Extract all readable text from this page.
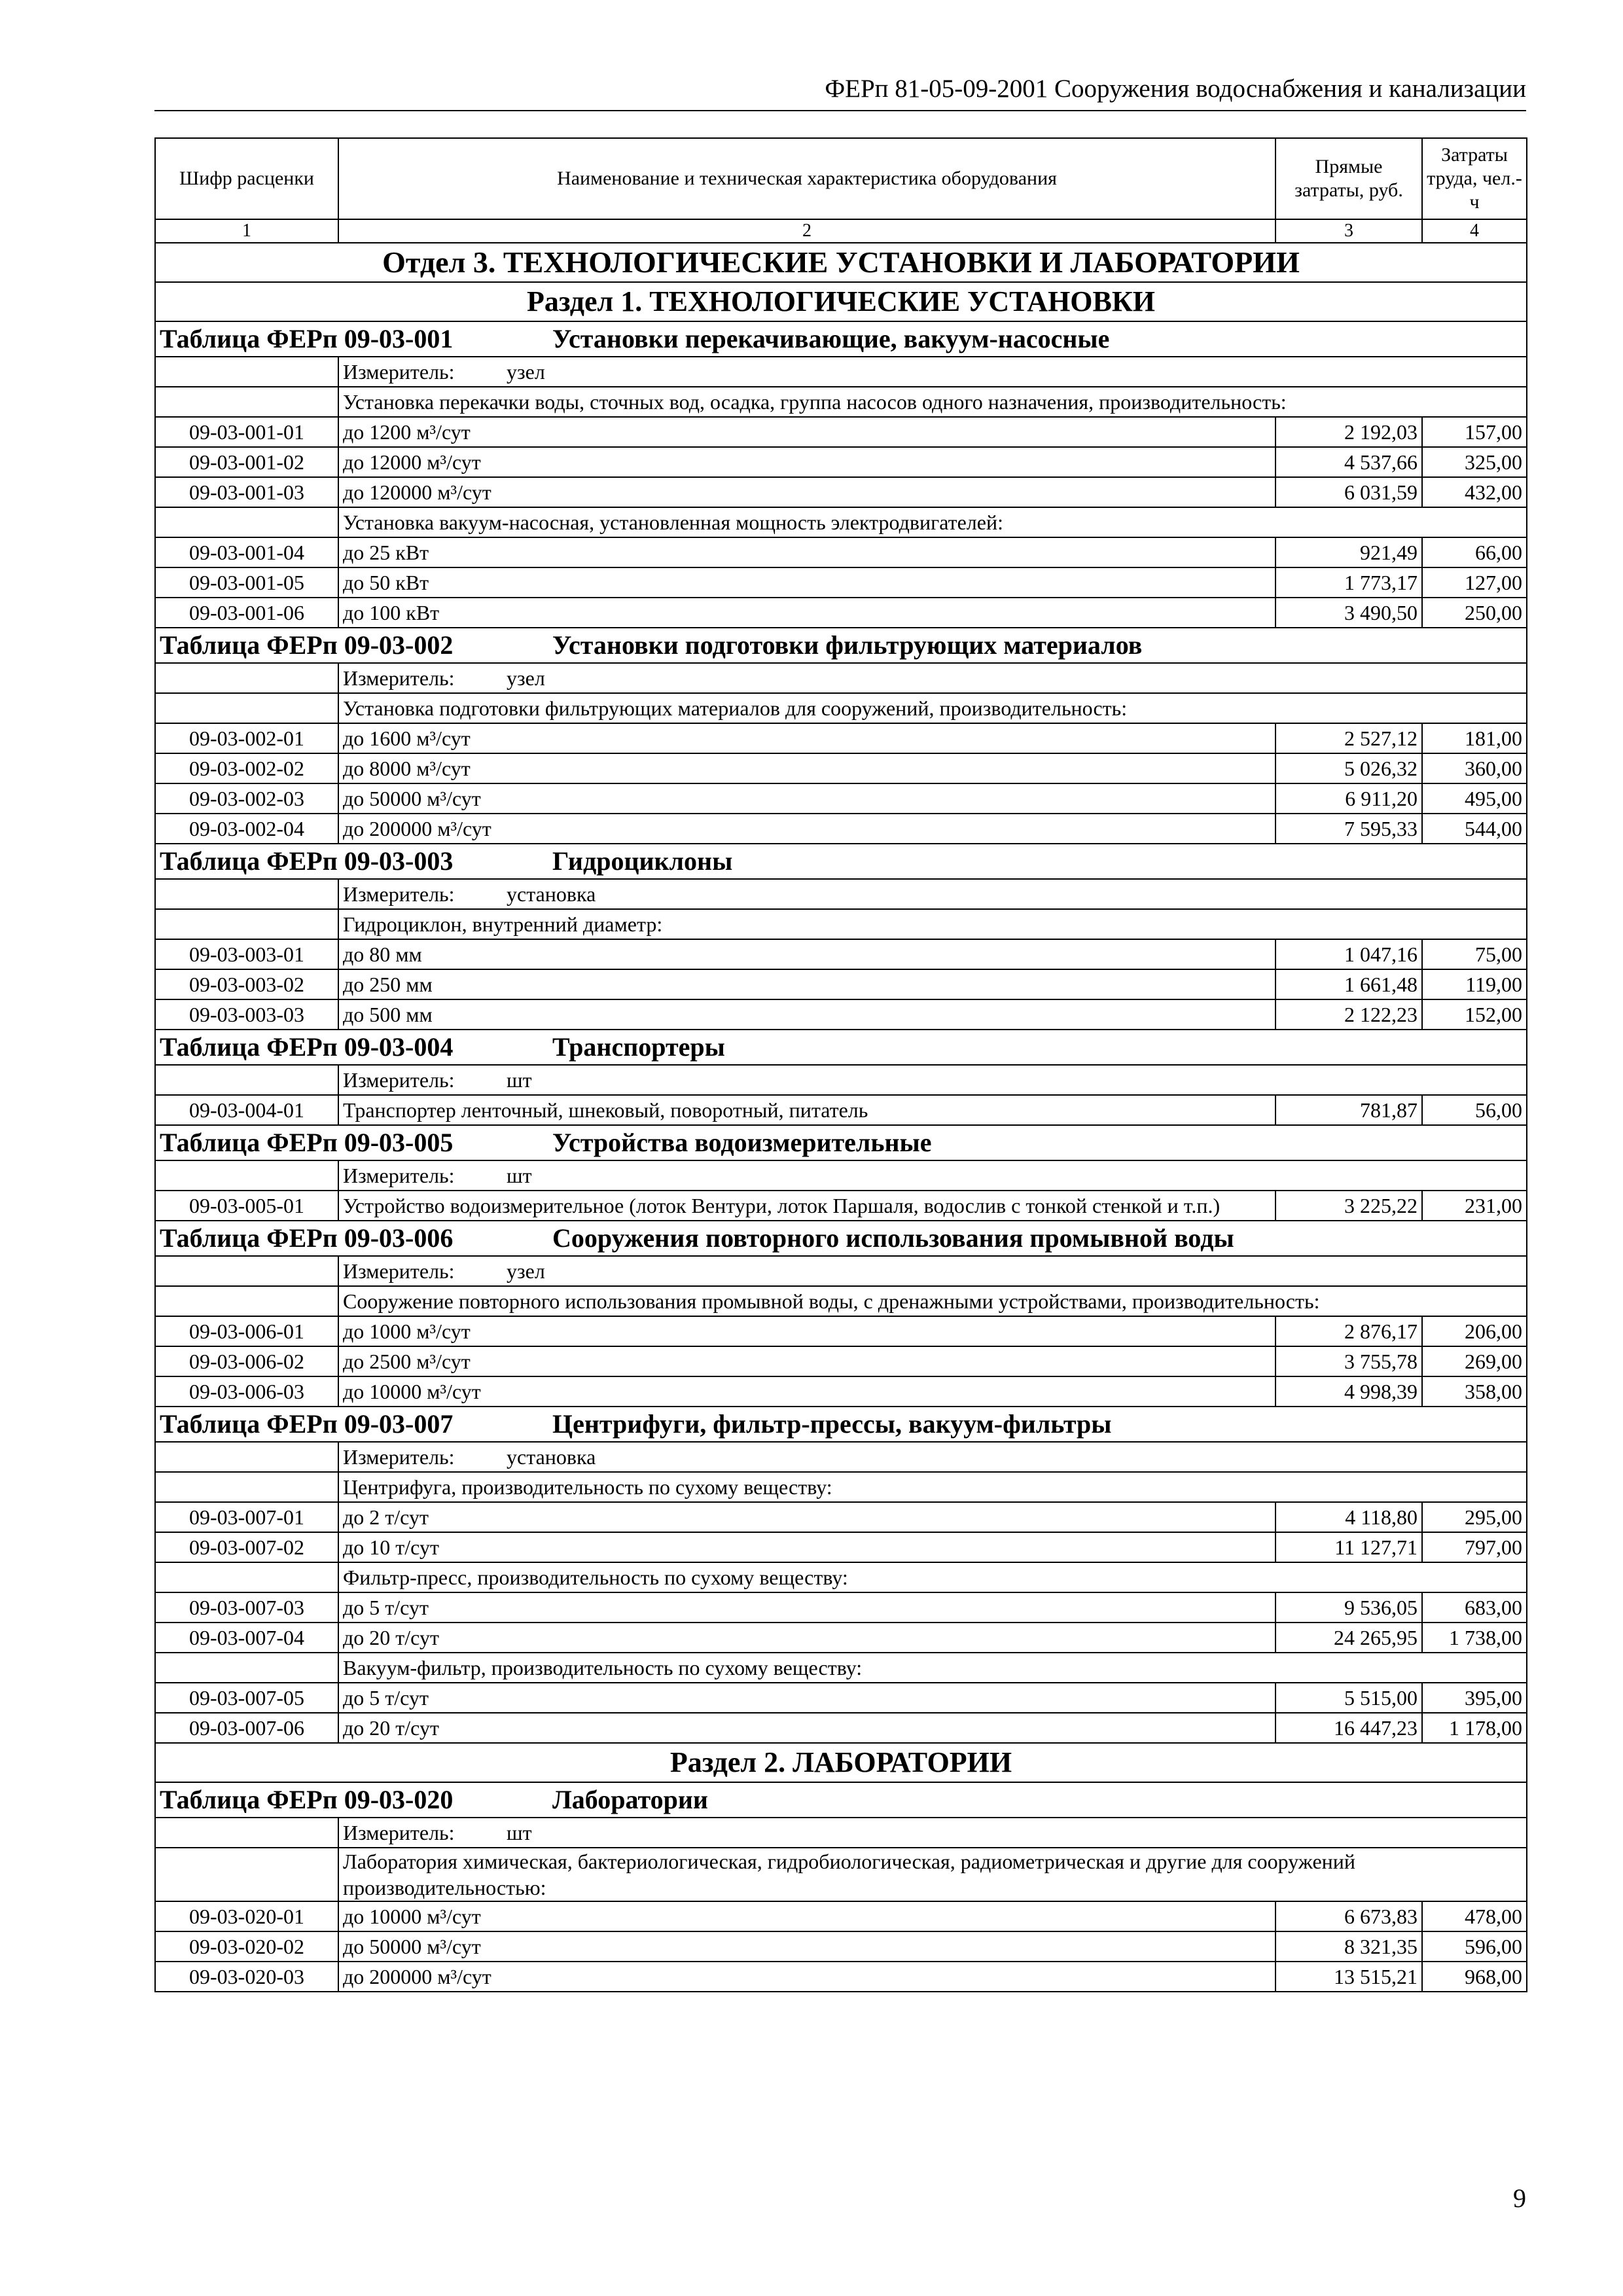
ФЕРп 81-05-09-2001 Сооружения водоснабжения и канализации
Шифр расценки	Наименование и техническая характеристика оборудования	Прямые затраты, руб.	Затраты труда, чел.-ч
1	2	3	4
Отдел 3. ТЕХНОЛОГИЧЕСКИЕ УСТАНОВКИ И ЛАБОРАТОРИИ			
Раздел 1. ТЕХНОЛОГИЧЕСКИЕ УСТАНОВКИ			
Таблица ФЕРп 09-03-001 Установки перекачивающие, вакуум-насосные			
	Измеритель: узел		
	Установка перекачки воды, сточных вод, осадка, группа насосов одного назначения, производительность:		
09-03-001-01	до 1200 м³/сут	2 192,03	157,00
09-03-001-02	до 12000 м³/сут	4 537,66	325,00
09-03-001-03	до 120000 м³/сут	6 031,59	432,00
	Установка вакуум-насосная, установленная мощность электродвигателей:		
09-03-001-04	до 25 кВт	921,49	66,00
09-03-001-05	до 50 кВт	1 773,17	127,00
09-03-001-06	до 100 кВт	3 490,50	250,00
Таблица ФЕРп 09-03-002 Установки подготовки фильтрующих материалов			
	Измеритель: узел		
	Установка подготовки фильтрующих материалов для сооружений, производительность:		
09-03-002-01	до 1600 м³/сут	2 527,12	181,00
09-03-002-02	до 8000 м³/сут	5 026,32	360,00
09-03-002-03	до 50000 м³/сут	6 911,20	495,00
09-03-002-04	до 200000 м³/сут	7 595,33	544,00
Таблица ФЕРп 09-03-003 Гидроциклоны			
	Измеритель: установка		
	Гидроциклон, внутренний диаметр:		
09-03-003-01	до 80 мм	1 047,16	75,00
09-03-003-02	до 250 мм	1 661,48	119,00
09-03-003-03	до 500 мм	2 122,23	152,00
Таблица ФЕРп 09-03-004 Транспортеры			
	Измеритель: шт		
09-03-004-01	Транспортер ленточный, шнековый, поворотный, питатель	781,87	56,00
Таблица ФЕРп 09-03-005 Устройства водоизмерительные			
	Измеритель: шт		
09-03-005-01	Устройство водоизмерительное (лоток Вентури, лоток Паршаля, водослив с тонкой стенкой и т.п.)	3 225,22	231,00
Таблица ФЕРп 09-03-006 Сооружения повторного использования промывной воды			
	Измеритель: узел		
	Сооружение повторного использования промывной воды, с дренажными устройствами, производительность:		
09-03-006-01	до 1000 м³/сут	2 876,17	206,00
09-03-006-02	до 2500 м³/сут	3 755,78	269,00
09-03-006-03	до 10000 м³/сут	4 998,39	358,00
Таблица ФЕРп 09-03-007 Центрифуги, фильтр-прессы, вакуум-фильтры			
	Измеритель: установка		
	Центрифуга, производительность по сухому веществу:		
09-03-007-01	до 2 т/сут	4 118,80	295,00
09-03-007-02	до 10 т/сут	11 127,71	797,00
	Фильтр-пресс, производительность по сухому веществу:		
09-03-007-03	до 5 т/сут	9 536,05	683,00
09-03-007-04	до 20 т/сут	24 265,95	1 738,00
	Вакуум-фильтр, производительность по сухому веществу:		
09-03-007-05	до 5 т/сут	5 515,00	395,00
09-03-007-06	до 20 т/сут	16 447,23	1 178,00
Раздел 2. ЛАБОРАТОРИИ			
Таблица ФЕРп 09-03-020 Лаборатории			
	Измеритель: шт		
	Лаборатория химическая, бактериологическая, гидробиологическая, радиометрическая и другие для сооружений производительностью:		
09-03-020-01	до 10000 м³/сут	6 673,83	478,00
09-03-020-02	до 50000 м³/сут	8 321,35	596,00
09-03-020-03	до 200000 м³/сут	13 515,21	968,00
9
